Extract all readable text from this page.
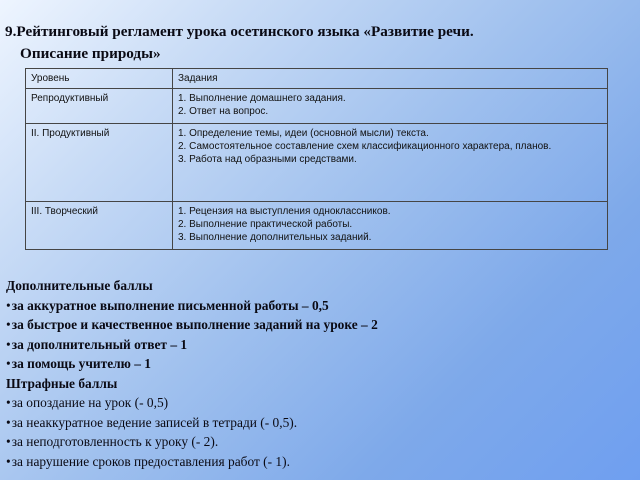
9.Рейтинговый регламент урока осетинского языка «Развитие речи.
Описание природы»
Уровень	Задания
Репродуктивный	1. Выполнение домашнего задания.
2. Ответ на вопрос.

II. Продуктивный	1. Определение темы, идеи (основной мысли) текста.
2. Самостоятельное составление схем классификационного характера, планов.
3. Работа над образными средствами.

III. Творческий	1. Рецензия на выступления одноклассников.
2. Выполнение практической работы.
3. Выполнение дополнительных заданий.
Дополнительные баллы
•за аккуратное выполнение письменной работы – 0,5
•за быстрое и качественное выполнение заданий на уроке – 2
•за дополнительный ответ – 1
•за помощь учителю – 1
Штрафные баллы
•за опоздание на урок (- 0,5)
•за неаккуратное ведение записей в тетради (- 0,5).
•за неподготовленность к уроку (- 2).
•за нарушение сроков предоставления работ (- 1).
